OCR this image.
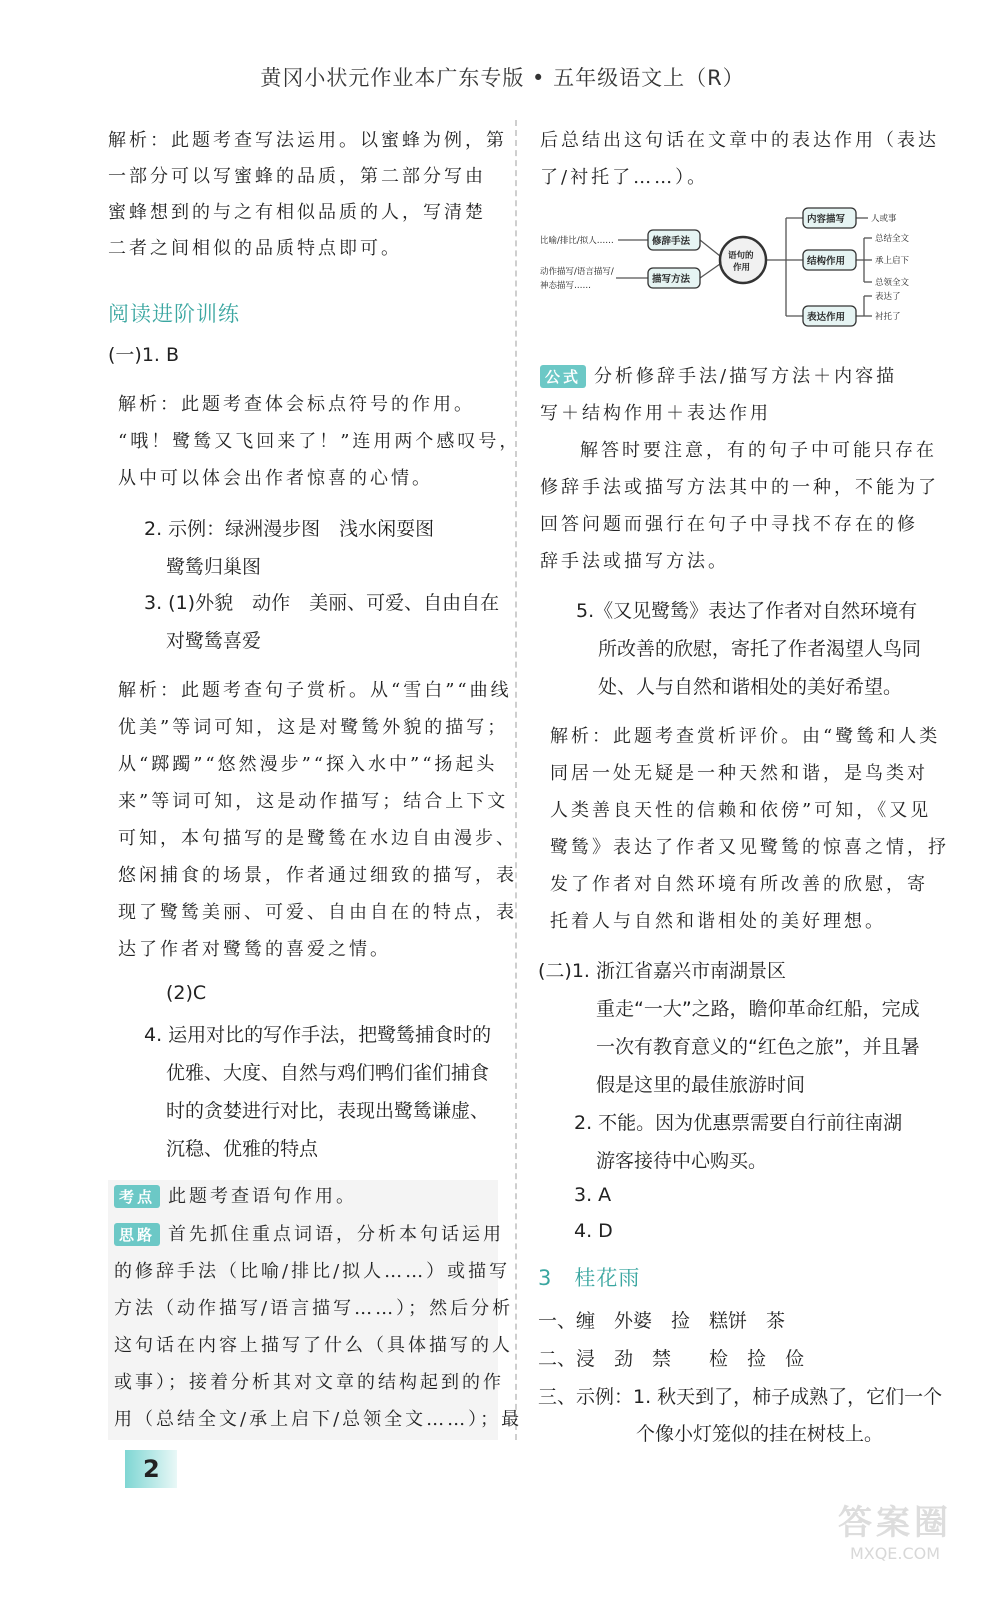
黄冈小状元作业本广东专版 • 五年级语文上（R）
解析：此题考查写法运用。以蜜蜂为例，第
一部分可以写蜜蜂的品质，第二部分写由
蜜蜂想到的与之有相似品质的人，写清楚
二者之间相似的品质特点即可。
阅读进阶训练
(一)1. B
解析：此题考查体会标点符号的作用。
“哦！鹭鸶又飞回来了！”连用两个感叹号，
从中可以体会出作者惊喜的心情。
2. 示例：绿洲漫步图　浅水闲耍图
鹭鸶归巢图
3. (1)外貌　动作　美丽、可爱、自由自在
对鹭鸶喜爱
解析：此题考查句子赏析。从“雪白”“曲线
优美”等词可知，这是对鹭鸶外貌的描写；
从“踯躅”“悠然漫步”“探入水中”“扬起头
来”等词可知，这是动作描写；结合上下文
可知，本句描写的是鹭鸶在水边自由漫步、
悠闲捕食的场景，作者通过细致的描写，表
现了鹭鸶美丽、可爱、自由自在的特点，表
达了作者对鹭鸶的喜爱之情。
(2)C
4. 运用对比的写作手法，把鹭鸶捕食时的
优雅、大度、自然与鸡们鸭们雀们捕食
时的贪婪进行对比，表现出鹭鸶谦虚、
沉稳、优雅的特点
考点 此题考查语句作用。
思路 首先抓住重点词语，分析本句话运用
的修辞手法（比喻/排比/拟人……）或描写
方法（动作描写/语言描写……）；然后分析
这句话在内容上描写了什么（具体描写的人
或事）；接着分析其对文章的结构起到的作
用（总结全文/承上启下/总领全文……）；最
2
后总结出这句话在文章中的表达作用（表达
了/衬托了……）。
比喻/排比/拟人……
动作描写/语言描写/
神态描写……
修辞手法
描写方法
语句的
作用
内容描写
结构作用
表达作用
人或事
总结全文
承上启下
总领全文
表达了
衬托了
公式 分析修辞手法/描写方法＋内容描
写＋结构作用＋表达作用
解答时要注意，有的句子中可能只存在
修辞手法或描写方法其中的一种，不能为了
回答问题而强行在句子中寻找不存在的修
辞手法或描写方法。
5.《又见鹭鸶》表达了作者对自然环境有
所改善的欣慰，寄托了作者渴望人鸟同
处、人与自然和谐相处的美好希望。
解析：此题考查赏析评价。由“鹭鸶和人类
同居一处无疑是一种天然和谐，是鸟类对
人类善良天性的信赖和依傍”可知，《又见
鹭鸶》表达了作者又见鹭鸶的惊喜之情，抒
发了作者对自然环境有所改善的欣慰，寄
托着人与自然和谐相处的美好理想。
(二)1. 浙江省嘉兴市南湖景区
重走“一大”之路，瞻仰革命红船，完成
一次有教育意义的“红色之旅”，并且暑
假是这里的最佳旅游时间
2. 不能。因为优惠票需要自行前往南湖
游客接待中心购买。
3. A
4. D
3　桂花雨
一、缠　外婆　捡　糕饼　茶
二、浸　劲　禁　　检　捡　俭
三、示例：1. 秋天到了，柿子成熟了，它们一个
个像小灯笼似的挂在树枝上。
答案圈
MXQE.COM
